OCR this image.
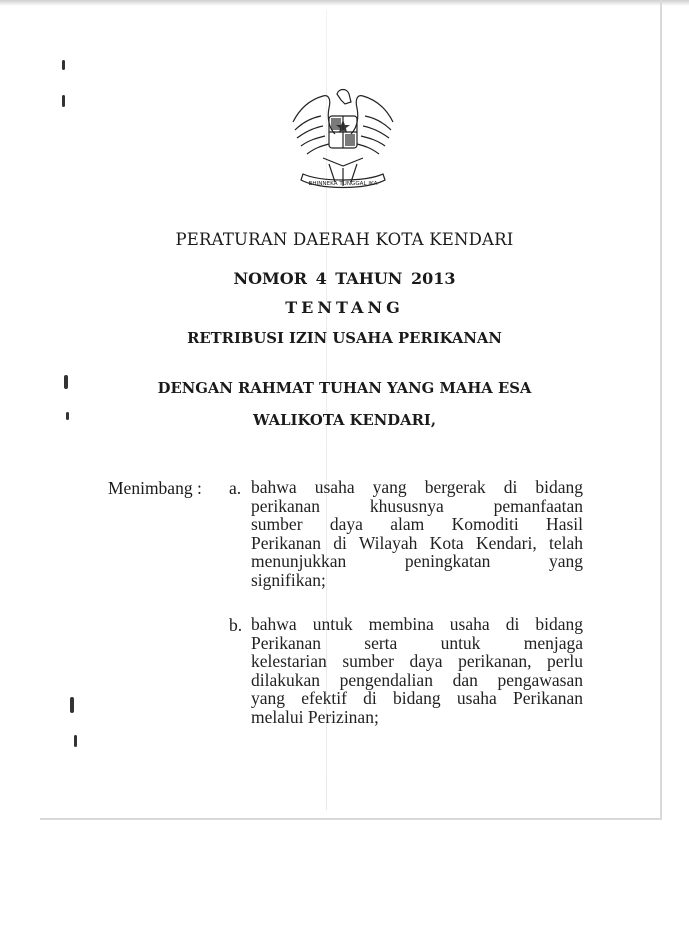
BHINNEKA TUNGGAL IKA

PERATURAN DAERAH KOTA KENDARI

NOMOR 4 TAHUN 2013

TENTANG

RETRIBUSI IZIN USAHA PERIKANAN

DENGAN RAHMAT TUHAN YANG MAHA ESA

WALIKOTA KENDARI,

Menimbang : a. bahwa usaha yang bergerak di bidang
perikanan khususnya pemanfaatan
sumber daya alam Komoditi Hasil
Perikanan di Wilayah Kota Kendari, telah
menunjukkan peningkatan yang
signifikan;
b. bahwa untuk membina usaha di bidang
Perikanan serta untuk menjaga
kelestarian sumber daya perikanan, perlu
dilakukan pengendalian dan pengawasan
yang efektif di bidang usaha Perikanan
melalui Perizinan;
